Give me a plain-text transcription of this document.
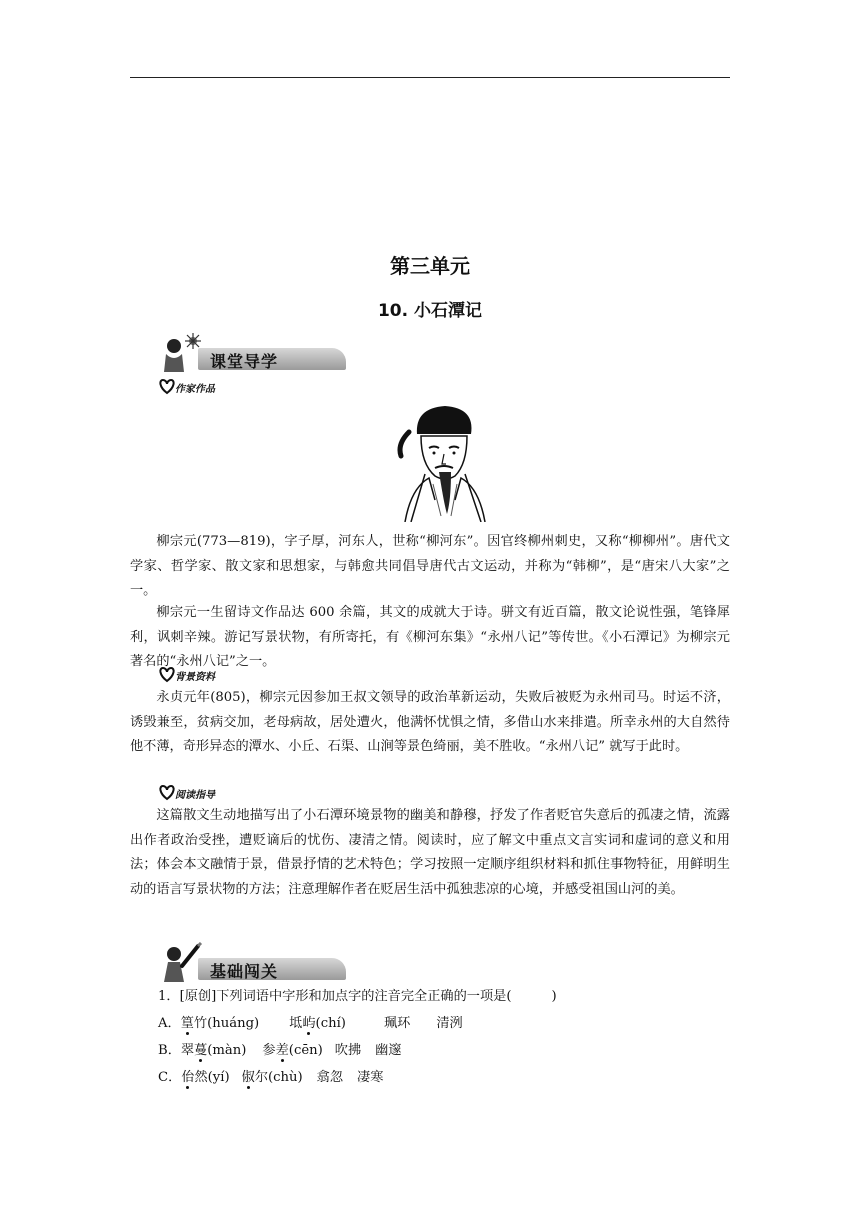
第三单元
10. 小石潭记
课堂导学
作家作品

柳宗元(773—819)，字子厚，河东人，世称“柳河东”。因官终柳州刺史，又称“柳柳州”。唐代文学家、哲学家、散文家和思想家，与韩愈共同倡导唐代古文运动，并称为“韩柳”，是“唐宋八大家”之一。

柳宗元一生留诗文作品达 600 余篇，其文的成就大于诗。骈文有近百篇，散文论说性强，笔锋犀利，讽刺辛辣。游记写景状物，有所寄托，有《柳河东集》“永州八记”等传世。《小石潭记》为柳宗元著名的“永州八记”之一。

背景资料

永贞元年(805)，柳宗元因参加王叔文领导的政治革新运动，失败后被贬为永州司马。时运不济，诱毁兼至，贫病交加，老母病故，居处遭火，他满怀忧惧之情，多借山水来排遣。所幸永州的大自然待他不薄，奇形异态的潭水、小丘、石渠、山涧等景色绮丽，美不胜收。“永州八记” 就写于此时。

阅读指导

这篇散文生动地描写出了小石潭环境景物的幽美和静穆，抒发了作者贬官失意后的孤凄之情，流露出作者政治受挫，遭贬谪后的忧伤、凄清之情。阅读时，应了解文中重点文言实词和虚词的意义和用法；体会本文融情于景，借景抒情的艺术特色；学习按照一定顺序组织材料和抓住事物特征，用鲜明生动的语言写景状物的方法；注意理解作者在贬居生活中孤独悲凉的心境，并感受祖国山河的美。

基础闯关
1．[原创]下列词语中字形和加点字的注音完全正确的一项是(	)
A．篁竹(huáng) 坻屿(chí)	珮环 清洌
B．翠蔓(màn) 参差(cēn) 吹拂 幽邃
C．佁然(yí) 俶尔(chù) 翕忽 凄寒
